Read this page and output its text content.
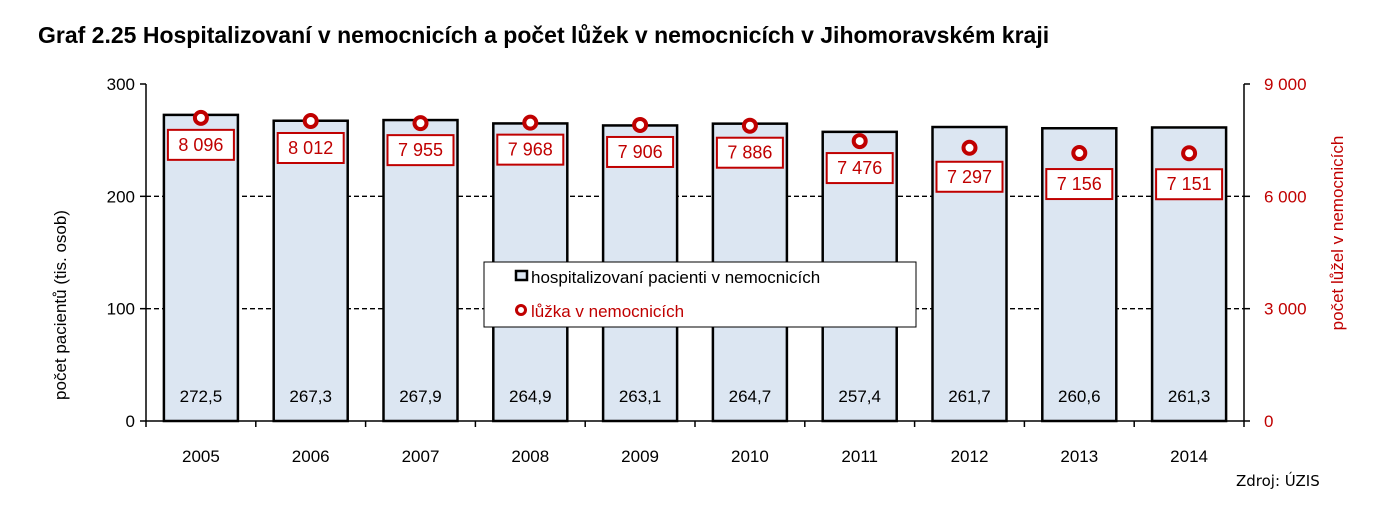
Graf 2.25 Hospitalizovaní v nemocnicích a počet lůžek v nemocnicích v Jihomoravském kraji
272,5	267,3	267,9	264,9	263,1	264,7	257,4	261,7	260,6	261,3
0
100
200
300
0
3 000
6 000
9 000
2005	2006	2007	2008	2009	2010	2011	2012	2013	2014
8 096	8 012	7 955	7 968	7 906	7 886
7 476	7 297	7 156	7 151
hospitalizovaní pacienti v nemocnicích
lůžka v nemocnicích
počet pacientů (tis. osob)	počet lůžel v nemocnicích
Zdroj: ÚZIS
